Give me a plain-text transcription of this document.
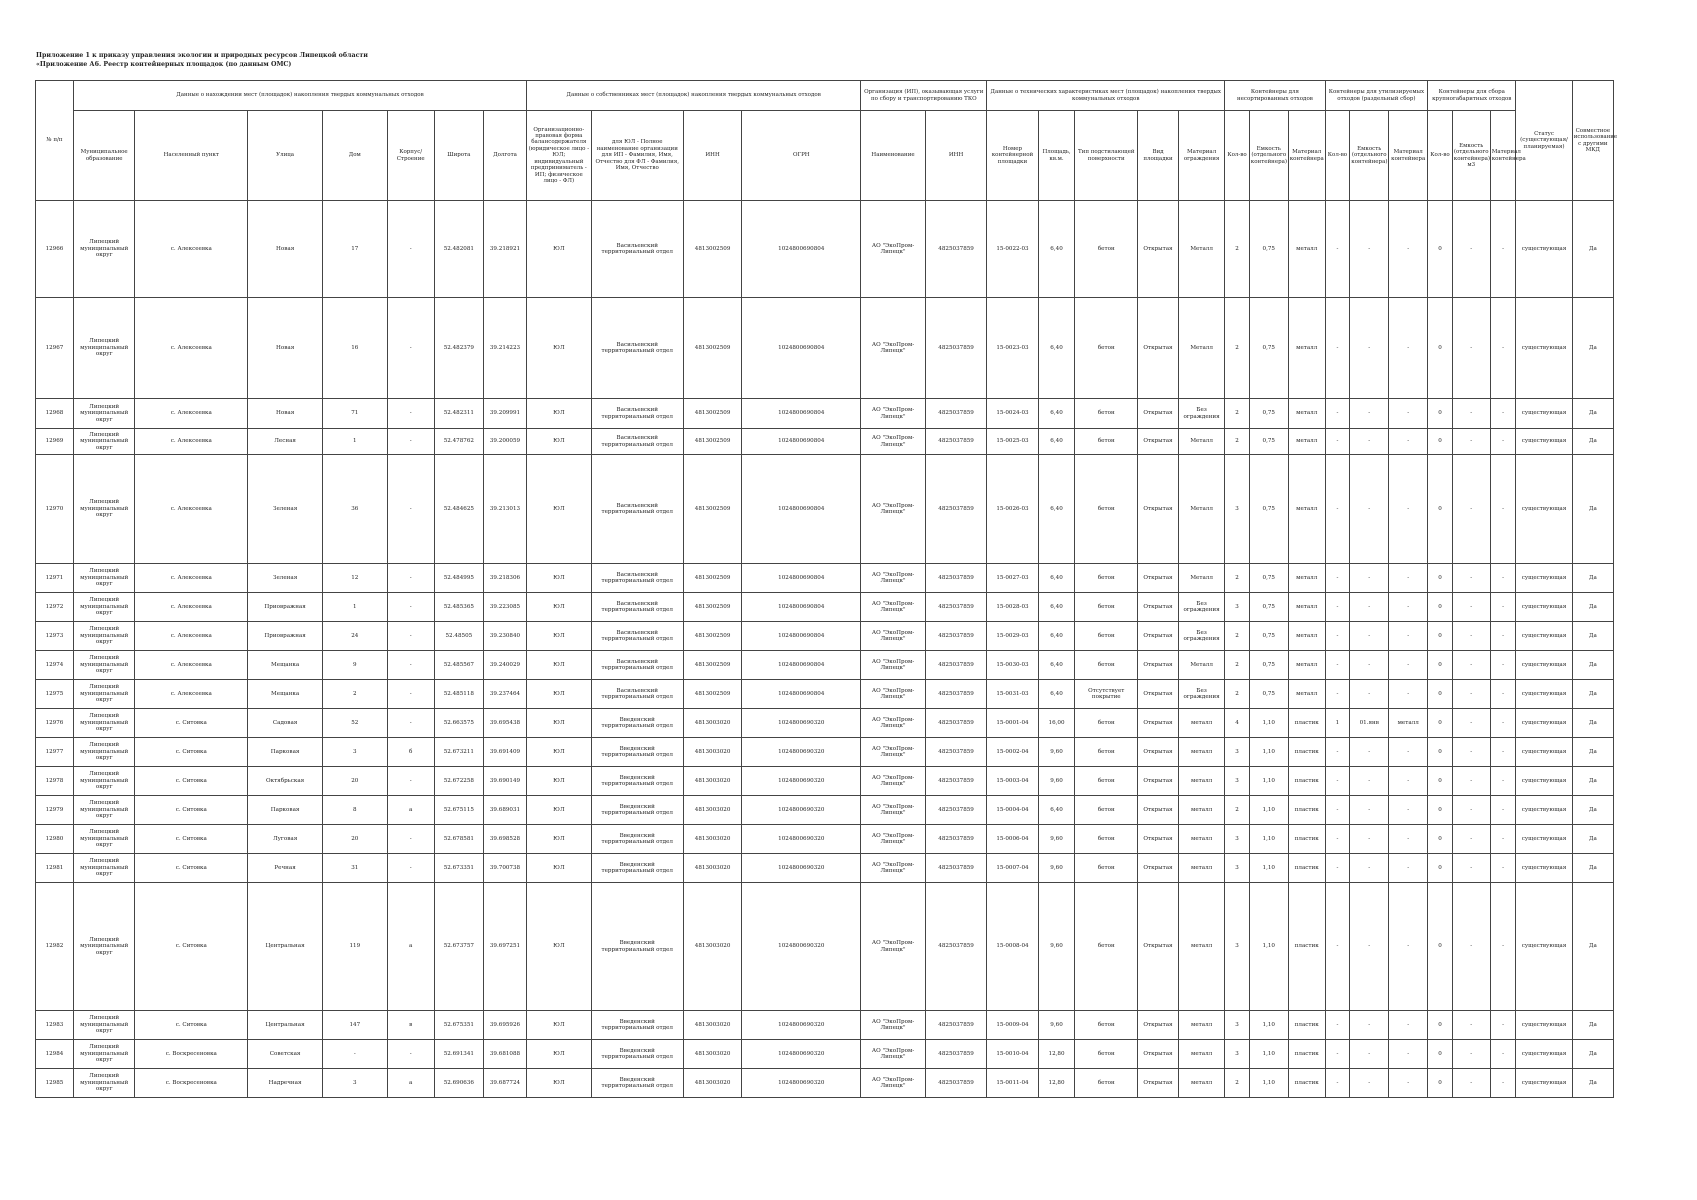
Приложение 1 к приказу управления экологии и природных ресурсов Липецкой области
«Приложение А6. Реестр контейнерных площадок (по данным ОМС)
№ п/п	Данные о нахождении мест (площадок) накопления твердых коммунальных отходов							Данные о собственниках мест (площадок) накопления твердых коммунальных отходов				Организация (ИП), оказывающая услуги по сбору и транспортированию ТКО		Данные о технических характеристиках мест (площадок) накопления твердых коммунальных отходов					Контейнеры для несортированных отходов			Контейнеры для утилизируемых отходов (раздельный сбор)			Контейнеры для сбора крупногабаритных отходов			Статус (существующая/ планируемая)	Совместное использование с другими МКД
	Муниципальное образование	Населенный пункт	Улица	Дом	Корпус/Строение	Широта	Долгота	Организационно-правовая форма балансодержателя (юридическое лицо - ЮЛ; индивидуальный предприниматель - ИП; физическое лицо - ФЛ)	для ЮЛ - Полное наименование организации для ИП - Фамилия, Имя, Отчество для ФЛ - Фамилия, Имя, Отчество	ИНН	ОГРН	Наименование	ИНН	Номер контейнерной площадки	Площадь, кв.м.	Тип подстилающей поверхности	Вид площадки	Материал ограждения	Кол-во	Емкость (отдельного контейнера)	Материал контейнера	Кол-во	Емкость (отдельного контейнера)	Материал контейнера	Кол-во	Емкость (отдельного контейнера) м3	Материал контейнера		
12966	Липецкий муниципальный округ	с. Алексеевка	Новая	17	-	52.482081	39.218921	ЮЛ	Васильевский территориальный отдел	4813002509	1024800690804	АО "ЭкоПром-Липецк"	4825037859	15-0022-03	6,40	бетон	Открытая	Металл	2	0,75	металл	-	-	-	0	-	-	существующая	Да
12967	Липецкий муниципальный округ	с. Алексеевка	Новая	16	-	52.482379	39.214223	ЮЛ	Васильевский территориальный отдел	4813002509	1024800690804	АО "ЭкоПром-Липецк"	4825037859	15-0023-03	6,40	бетон	Открытая	Металл	2	0,75	металл	-	-	-	0	-	-	существующая	Да
12968	Липецкий муниципальный округ	с. Алексеевка	Новая	71	-	52.482311	39.209991	ЮЛ	Васильевский территориальный отдел	4813002509	1024800690804	АО "ЭкоПром-Липецк"	4825037859	15-0024-03	6,40	бетон	Открытая	Без ограждения	2	0,75	металл	-	-	-	0	-	-	существующая	Да
12969	Липецкий муниципальный округ	с. Алексеевка	Лесная	1	-	52.478762	39.200059	ЮЛ	Васильевский территориальный отдел	4813002509	1024800690804	АО "ЭкоПром-Липецк"	4825037859	15-0025-03	6,40	бетон	Открытая	Металл	2	0,75	металл	-	-	-	0	-	-	существующая	Да
12970	Липецкий муниципальный округ	с. Алексеевка	Зеленая	36	-	52.484625	39.213013	ЮЛ	Васильевский территориальный отдел	4813002509	1024800690804	АО "ЭкоПром-Липецк"	4825037859	15-0026-03	6,40	бетон	Открытая	Металл	3	0,75	металл	-	-	-	0	-	-	существующая	Да
12971	Липецкий муниципальный округ	с. Алексеевка	Зеленая	12	-	52.484995	39.218306	ЮЛ	Васильевский территориальный отдел	4813002509	1024800690804	АО "ЭкоПром-Липецк"	4825037859	15-0027-03	6,40	бетон	Открытая	Металл	2	0,75	металл	-	-	-	0	-	-	существующая	Да
12972	Липецкий муниципальный округ	с. Алексеевка	Приовражная	1	-	52.485365	39.223085	ЮЛ	Васильевский территориальный отдел	4813002509	1024800690804	АО "ЭкоПром-Липецк"	4825037859	15-0028-03	6,40	бетон	Открытая	Без ограждения	3	0,75	металл	-	-	-	0	-	-	существующая	Да
12973	Липецкий муниципальный округ	с. Алексеевка	Приовражная	24	-	52.48505	39.230840	ЮЛ	Васильевский территориальный отдел	4813002509	1024800690804	АО "ЭкоПром-Липецк"	4825037859	15-0029-03	6,40	бетон	Открытая	Без ограждения	2	0,75	металл	-	-	-	0	-	-	существующая	Да
12974	Липецкий муниципальный округ	с. Алексеевка	Мещанка	9	-	52.485567	39.240029	ЮЛ	Васильевский территориальный отдел	4813002509	1024800690804	АО "ЭкоПром-Липецк"	4825037859	15-0030-03	6,40	бетон	Открытая	Металл	2	0,75	металл	-	-	-	0	-	-	существующая	Да
12975	Липецкий муниципальный округ	с. Алексеевка	Мещанка	2	-	52.485118	39.237464	ЮЛ	Васильевский территориальный отдел	4813002509	1024800690804	АО "ЭкоПром-Липецк"	4825037859	15-0031-03	6,40	Отсутствует покрытие	Открытая	Без ограждения	2	0,75	металл	-	-	-	0	-	-	существующая	Да
12976	Липецкий муниципальный округ	с. Ситовка	Садовая	52	-	52.663575	39.695438	ЮЛ	Введенский территориальный отдел	4813003020	1024800690320	АО "ЭкоПром-Липецк"	4825037859	15-0001-04	16,00	бетон	Открытая	металл	4	1,10	пластик	1	01.янв	металл	0	-	-	существующая	Да
12977	Липецкий муниципальный округ	с. Ситовка	Парковая	3	б	52.673211	39.691409	ЮЛ	Введенский территориальный отдел	4813003020	1024800690320	АО "ЭкоПром-Липецк"	4825037859	15-0002-04	9,60	бетон	Открытая	металл	3	1,10	пластик	-	-	-	0	-	-	существующая	Да
12978	Липецкий муниципальный округ	с. Ситовка	Октябрьская	20	-	52.672258	39.690149	ЮЛ	Введенский территориальный отдел	4813003020	1024800690320	АО "ЭкоПром-Липецк"	4825037859	15-0003-04	9,60	бетон	Открытая	металл	3	1,10	пластик	-	-	-	0	-	-	существующая	Да
12979	Липецкий муниципальный округ	с. Ситовка	Парковая	8	а	52.675115	39.689031	ЮЛ	Введенский территориальный отдел	4813003020	1024800690320	АО "ЭкоПром-Липецк"	4825037859	15-0004-04	6,40	бетон	Открытая	металл	2	1,10	пластик	-	-	-	0	-	-	существующая	Да
12980	Липецкий муниципальный округ	с. Ситовка	Луговая	20	-	52.678581	39.698528	ЮЛ	Введенский территориальный отдел	4813003020	1024800690320	АО "ЭкоПром-Липецк"	4825037859	15-0006-04	9,60	бетон	Открытая	металл	3	1,10	пластик	-	-	-	0	-	-	существующая	Да
12981	Липецкий муниципальный округ	с. Ситовка	Речная	31	-	52.673351	39.700738	ЮЛ	Введенский территориальный отдел	4813003020	1024800690320	АО "ЭкоПром-Липецк"	4825037859	15-0007-04	9,60	бетон	Открытая	металл	3	1,10	пластик	-	-	-	0	-	-	существующая	Да
12982	Липецкий муниципальный округ	с. Ситовка	Центральная	119	а	52.673757	39.697251	ЮЛ	Введенский территориальный отдел	4813003020	1024800690320	АО "ЭкоПром-Липецк"	4825037859	15-0008-04	9,60	бетон	Открытая	металл	3	1,10	пластик	-	-	-	0	-	-	существующая	Да
12983	Липецкий муниципальный округ	с. Ситовка	Центральная	147	в	52.675351	39.695926	ЮЛ	Введенский территориальный отдел	4813003020	1024800690320	АО "ЭкоПром-Липецк"	4825037859	15-0009-04	9,60	бетон	Открытая	металл	3	1,10	пластик	-	-	-	0	-	-	существующая	Да
12984	Липецкий муниципальный округ	с. Воскресеновка	Советская	-	-	52.691341	39.681088	ЮЛ	Введенский территориальный отдел	4813003020	1024800690320	АО "ЭкоПром-Липецк"	4825037859	15-0010-04	12,80	бетон	Открытая	металл	3	1,10	пластик	-	-	-	0	-	-	существующая	Да
12985	Липецкий муниципальный округ	с. Воскресеновка	Надречная	3	а	52.690636	39.687724	ЮЛ	Введенский территориальный отдел	4813003020	1024800690320	АО "ЭкоПром-Липецк"	4825037859	15-0011-04	12,80	бетон	Открытая	металл	2	1,10	пластик	-	-	-	0	-	-	существующая	Да
